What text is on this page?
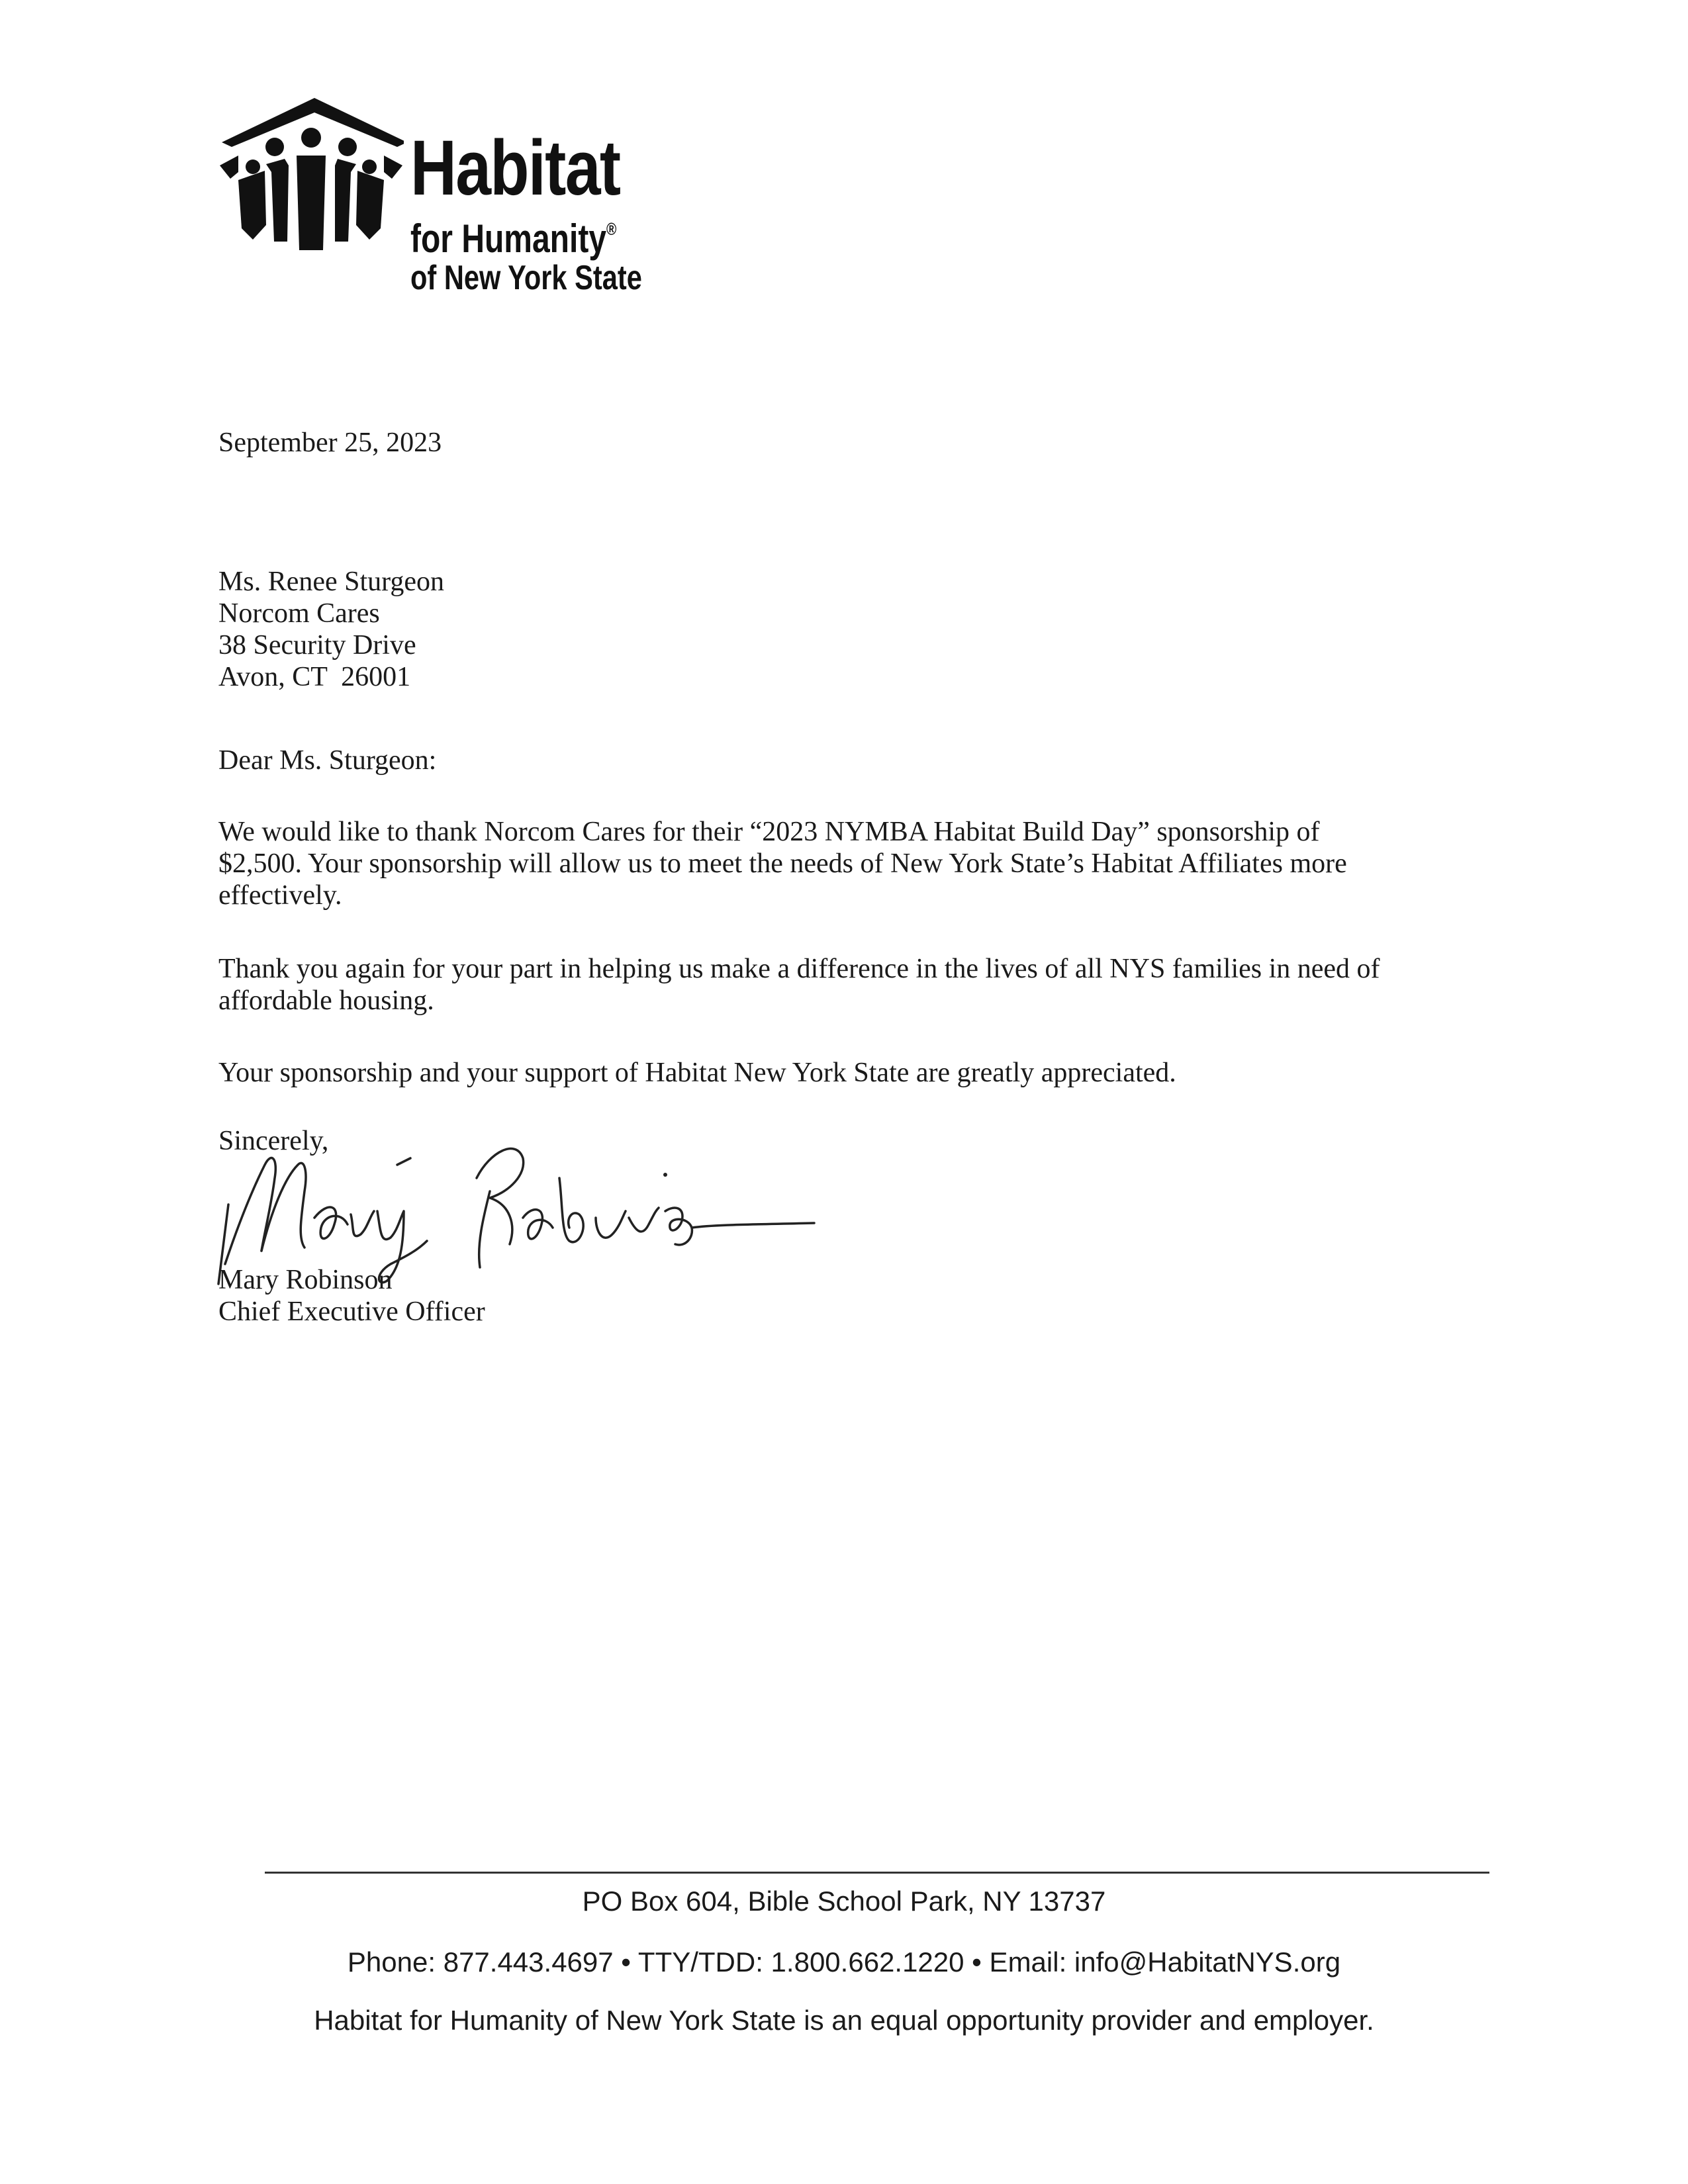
Habitat
for Humanity®
of New York State

September 25, 2023

Ms. Renee Sturgeon

Norcom Cares

38 Security Drive

Avon, CT  26001

Dear Ms. Sturgeon:

We would like to thank Norcom Cares for their “2023 NYMBA Habitat Build Day” sponsorship of

$2,500. Your sponsorship will allow us to meet the needs of New York State’s Habitat Affiliates more

effectively.

Thank you again for your part in helping us make a difference in the lives of all NYS families in need of

affordable housing.

Your sponsorship and your support of Habitat New York State are greatly appreciated.

Sincerely,

Mary Robinson

Chief Executive Officer

PO Box 604, Bible School Park, NY 13737
Phone: 877.443.4697 • TTY/TDD: 1.800.662.1220 • Email: info@HabitatNYS.org
Habitat for Humanity of New York State is an equal opportunity provider and employer.
